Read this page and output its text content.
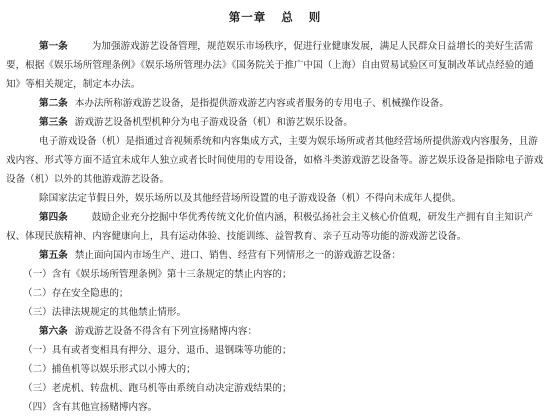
第一章   总   则

第一条	为加强游戏游艺设备管理，规范娱乐市场秩序，促进行业健康发展，满足人民群众日益增长的美好生活需要，根据《娱乐场所管理条例》《娱乐场所管理办法》《国务院关于推广中国（上海）自由贸易试验区可复制改革试点经验的通知》等相关规定，制定本办法。

第二条 本办法所称游戏游艺设备，是指提供游戏游艺内容或者服务的专用电子、机械操作设备。

第三条 游戏游艺设备机型机种分为电子游戏设备（机）和游艺娱乐设备。

电子游戏设备（机）是指通过音视频系统和内容集成方式，主要为娱乐场所或者其他经营场所提供游戏内容服务，且游戏内容、形式等方面不适宜未成年人独立或者长时间使用的专用设备，如格斗类游戏游艺设备等。游艺娱乐设备是指除电子游戏设备（机）以外的其他游戏游艺设备。

除国家法定节假日外，娱乐场所以及其他经营场所设置的电子游戏设备（机）不得向未成年人提供。

第四条	鼓励企业充分挖掘中华优秀传统文化价值内涵，积极弘扬社会主义核心价值观，研发生产拥有自主知识产权、体现民族精神、内容健康向上，具有运动体验、技能训练、益智教育、亲子互动等功能的游戏游艺设备。

第五条 禁止面向国内市场生产、进口、销售、经营有下列情形之一的游戏游艺设备：

（一）含有《娱乐场所管理条例》第十三条规定的禁止内容的；

（二）存在安全隐患的；

（三）法律法规规定的其他禁止情形。

第六条 游戏游艺设备不得含有下列宣扬赌博内容：

（一）具有或者变相具有押分、退分、退币、退钢珠等功能的；

（二）捕鱼机等以娱乐形式以小博大的；

（三）老虎机、转盘机、跑马机等由系统自动决定游戏结果的；

（四）含有其他宣扬赌博内容。
